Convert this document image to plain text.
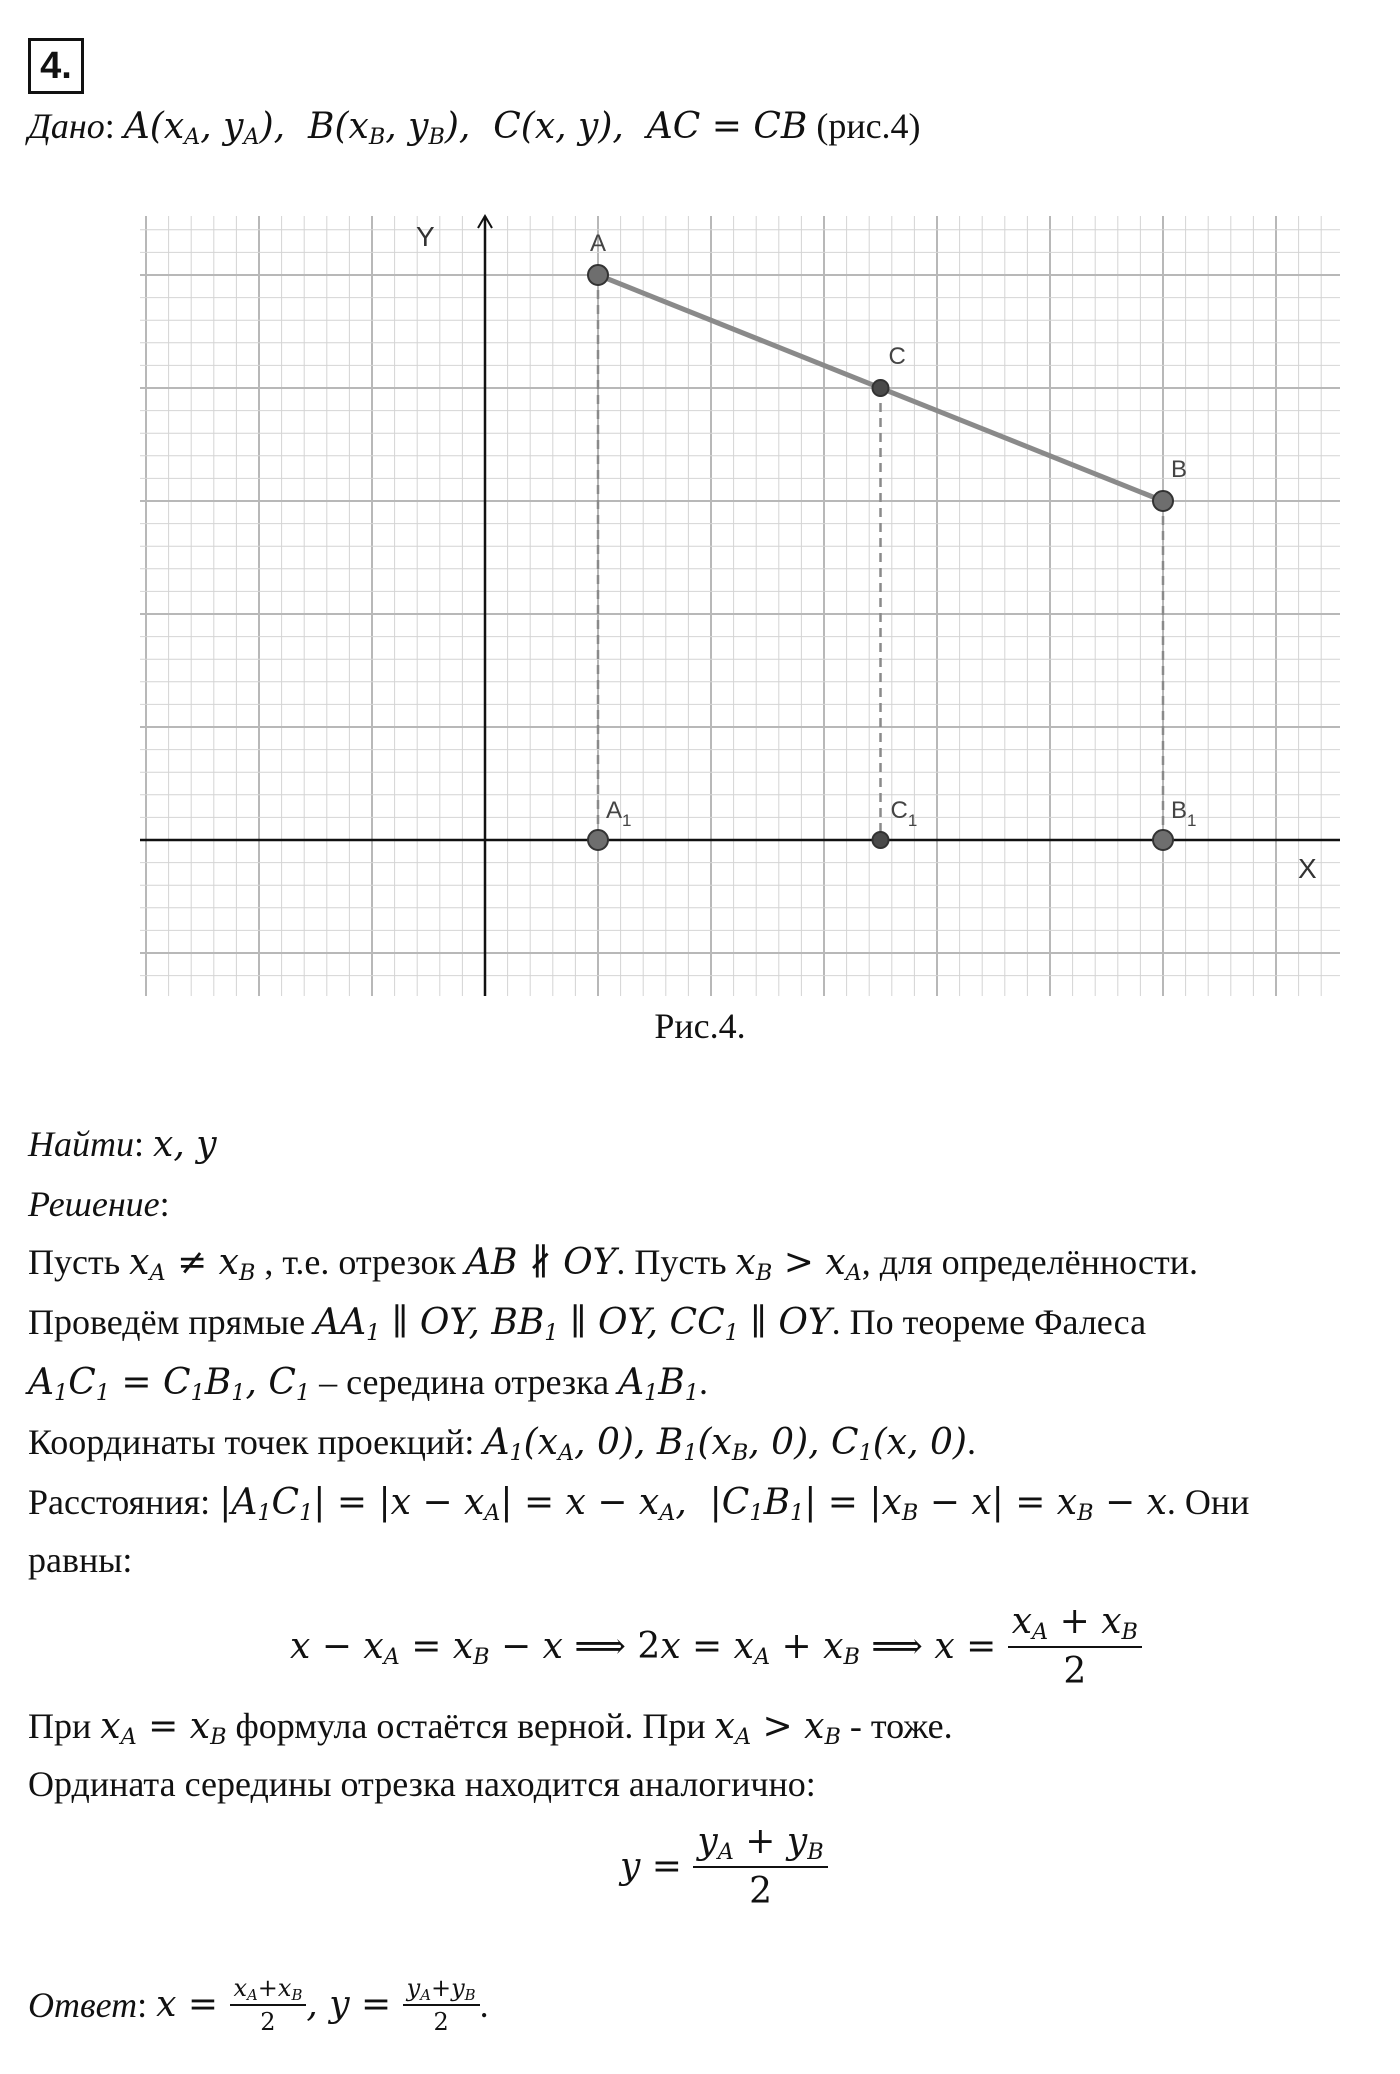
4.
Дано: $A(x_A$, $y_A$),  $B(x_B$, $y_B$),  C(x, y),  AC = CB (рис.4)
X
Y	A
C
B
$A_1$	$C_1$	$B_1$
Рис.4.
Найти: x, y
Решение:
Пусть $x_A \ne x_B$ , т.е. отрезок AB ∦ OY. Пусть $x_B > x_A$, для определённости.
Проведём прямые $AA_1$ ∥ OY, $BB_1$ ∥ OY, $CC_1$ ∥ OY. По теореме Фалеса
$A_1C_1 = C_1B_1$, $C_1$ – середина отрезка $A_1B_1$.
Координаты точек проекций: $A_1(x_A$, 0), $B_1(x_B$, 0), $C_1(x$, 0).
Расстояния: $|A_1C_1| = |x - x_A| = x - x_A$,  $|C_1B_1| = |x_B - x| = x_B - x$. Они
равны:
$x - x_A = x_B - x$ ⟹ $2x = x_A + x_B$ ⟹ $x = \frac{x_A + x_B}{2}$
При $x_A = x_B$ формула остаётся верной. При $x_A > x_B$ - тоже.
Ордината середины отрезка находится аналогично:
$y = \frac{y_A + y_B}{2}$
Ответ :
$x = \frac{x_A+x_B}{2}$ , $y = \frac{y_A+y_B}{2}$ .
